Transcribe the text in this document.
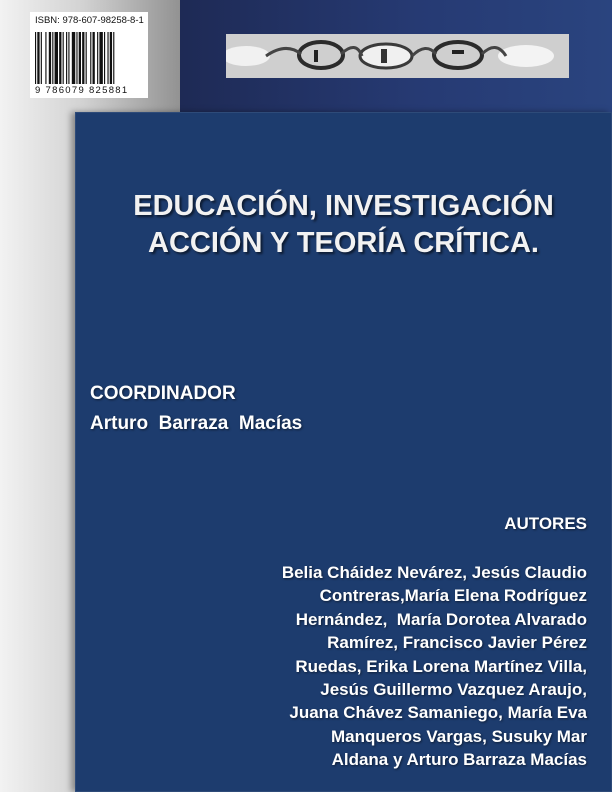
ISBN: 978-607-98258-8-1
9 786079 825881
EDUCACIÓN, INVESTIGACIÓN
ACCIÓN Y TEORÍA CRÍTICA.
COORDINADOR
Arturo  Barraza  Macías
AUTORES
Belia Cháidez Nevárez, Jesús Claudio
Contreras,María Elena Rodríguez
Hernández,  María Dorotea Alvarado
Ramírez, Francisco Javier Pérez
Ruedas, Erika Lorena Martínez Villa,
Jesús Guillermo Vazquez Araujo,
Juana Chávez Samaniego, María Eva
Manqueros Vargas, Susuky Mar
Aldana y Arturo Barraza Macías
